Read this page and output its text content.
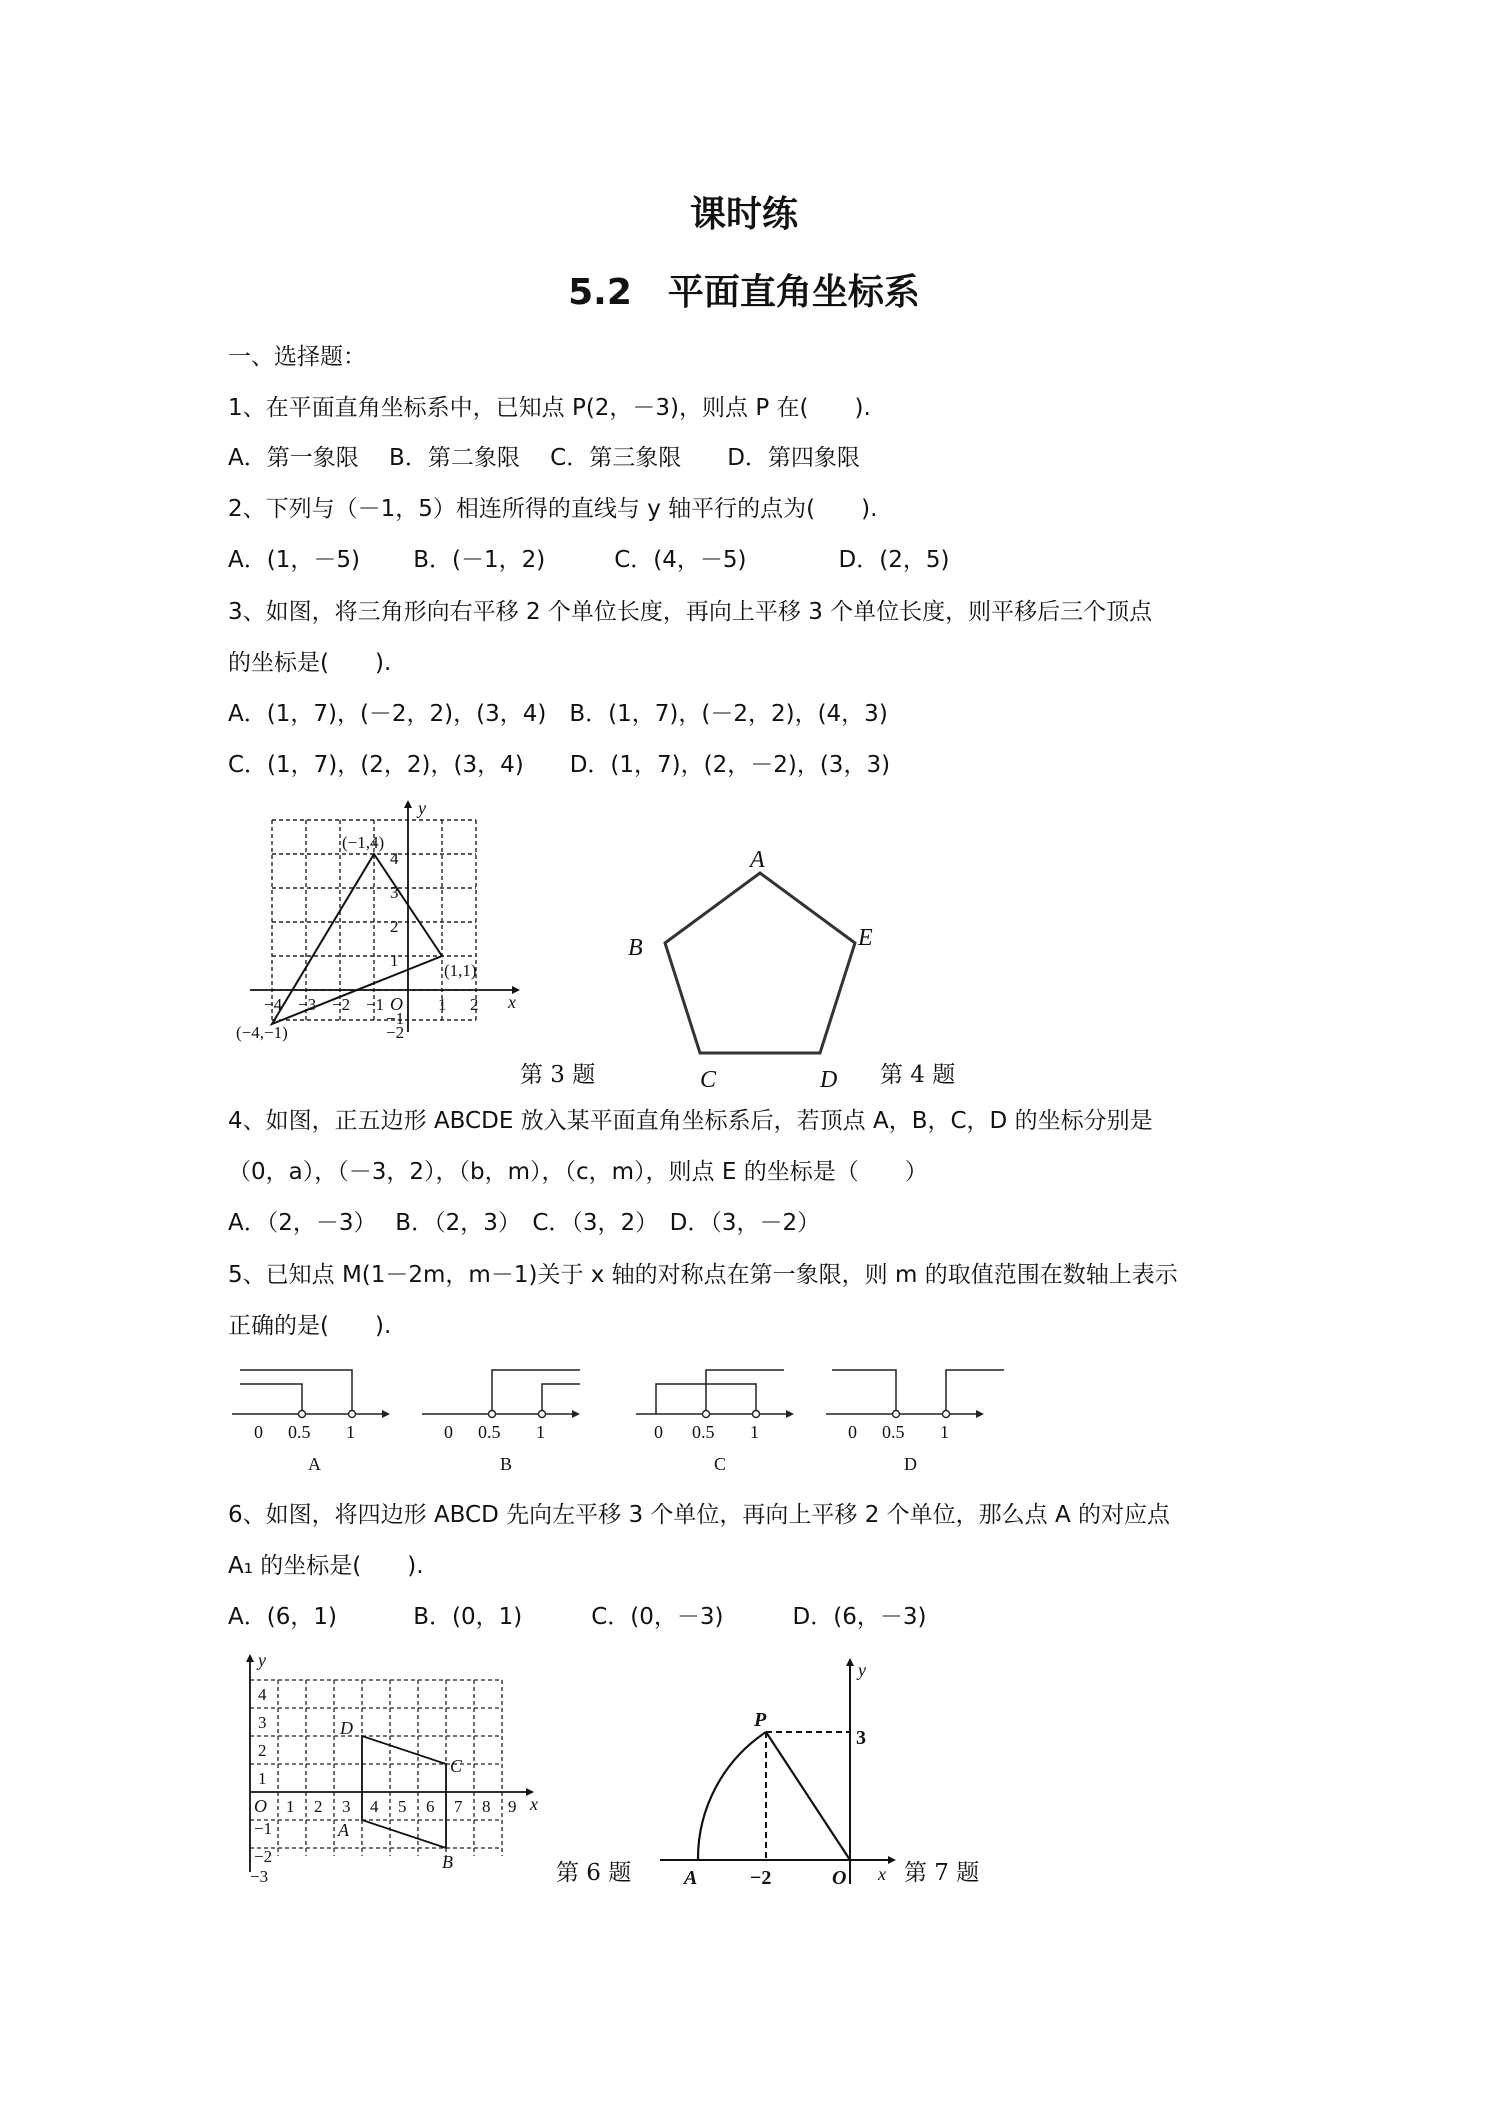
课时练
5.2　平面直角坐标系
一、选择题：
1、在平面直角坐标系中，已知点 P(2，－3)，则点 P 在(　　).
A．第一象限　 B．第二象限　 C．第三象限　　D．第四象限
2、下列与（－1，5）相连所得的直线与 y 轴平行的点为(　　).
A．(1，－5)　　 B．(－1，2)　　　C．(4，－5)　　　　D．(2，5)
3、如图，将三角形向右平移 2 个单位长度，再向上平移 3 个单位长度，则平移后三个顶点
的坐标是(　　).
A．(1，7)，(－2，2)，(3，4)　B．(1，7)，(－2，2)，(4，3)
C．(1，7)，(2，2)，(3，4)　　D．(1，7)，(2，－2)，(3，3)
y
x
O
(−1,4)
(1,1)
(−4,−1)
−4 −3 −2 −1	1 2
4
3
2
1
−1
−2
第 3 题
A
B
C	D
E
第 4 题
4、如图，正五边形 ABCDE 放入某平面直角坐标系后，若顶点 A，B，C，D 的坐标分别是
（0，a），（－3，2），（b，m），（c，m），则点 E 的坐标是（　　）
A．（2，－3）　 B．（2，3）　C．（3，2）　D．（3，－2）
5、已知点 M(1－2m，m－1)关于 x 轴的对称点在第一象限，则 m 的取值范围在数轴上表示
正确的是(　　).
0 0.5 1
A
0 0.5 1
B
0 0.5 1
C
0 0.5 1
D
6、如图，将四边形 ABCD 先向左平移 3 个单位，再向上平移 2 个单位，那么点 A 的对应点
A₁ 的坐标是(　　).
A．(6，1)　　　 B．(0，1)　　　C．(0，－3)　　　D．(6，－3)
y
x
O
A
B
C
D
1 2 3 4 5 6 7 8 9
4
3
2
1
−1
−2
−3	第 6 题
P
A	O x
y
−2
3
第 7 题
